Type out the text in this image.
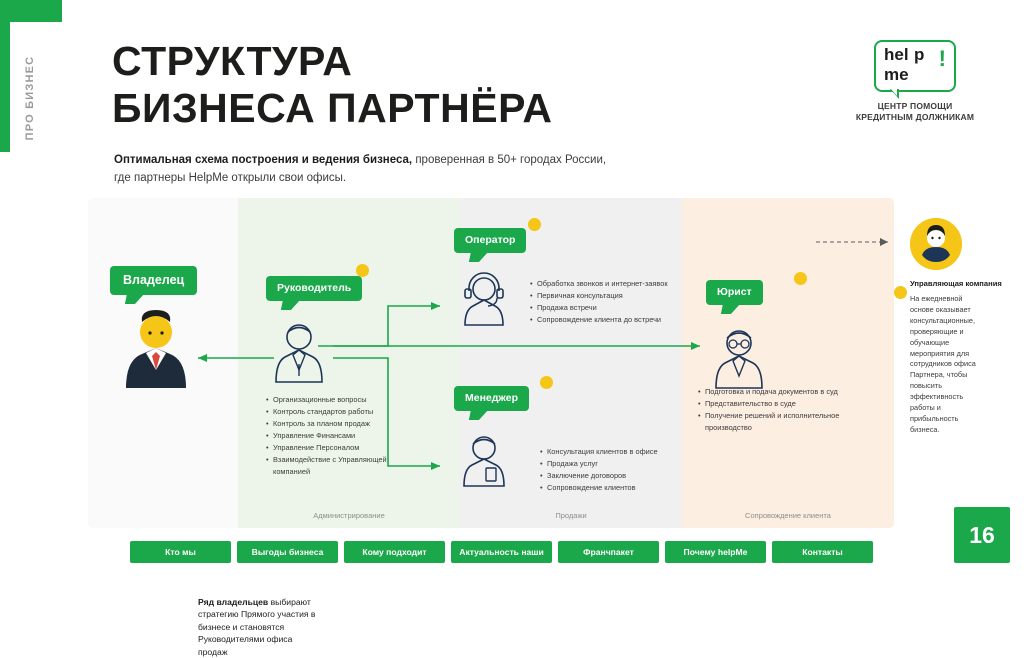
ПРО БИЗНЕС СТРУКТУРА
БИЗНЕСА ПАРТНЁРА
Оптимальная схема построения и ведения бизнеса, проверенная в 50+ городах России,
где партнеры HelpMe открыли свои офисы.
hel
me
!
p
ЦЕНТР ПОМОЩИ
КРЕДИТНЫМ ДОЛЖНИКАМ
Администрирование	Продажи	Сопровождение клиента
Владелец
Ряд владельцев выбирают стратегию Прямого участия в бизнесе и становятся Руководителями офиса продаж
Руководитель
• Организационные вопросы
• Контроль стандартов работы
• Контроль за планом продаж
• Управление Финансами
• Управление Персоналом
• Взаимодействие с Управляющей компанией
Оператор
• Обработка звонков и интернет-заявок
• Первичная консультация
• Продажа встречи
• Сопровождение клиента до встречи
Менеджер
• Консультация клиентов в офисе
• Продажа услуг
• Заключение договоров
• Сопровождение клиентов
Юрист
• Подготовка и подача документов в суд
• Представительство в суде
• Получение решений и исполнительное производство
Управляющая компания
На ежедневной основе оказывает консультационные, проверяющие и обучающие мероприятия для сотрудников офиса Партнера, чтобы повысить эффективность работы и прибыльность бизнеса.
Кто мы	Выгоды бизнеса	Кому подходит	Актуальность наши	Франчпакет	Почему helpMe	Контакты
16
